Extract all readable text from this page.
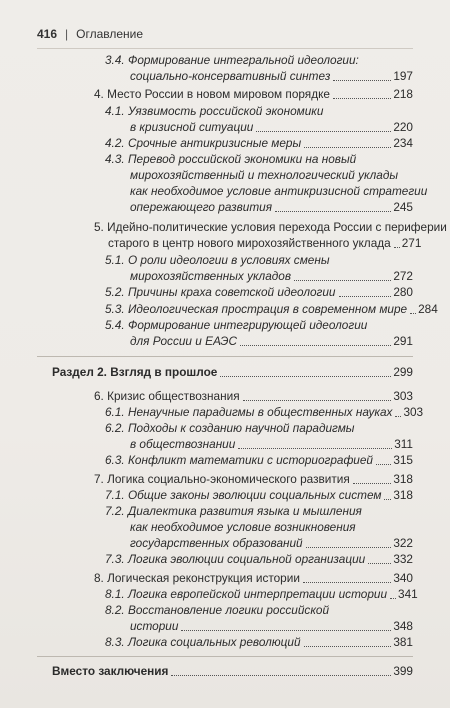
416 | Оглавление
3.4. Формирование интегральной идеологии:
социально-консервативный синтез	197
4. Место России в новом мировом порядке	218
4.1. Уязвимость российской экономики
в кризисной ситуации	220
4.2. Срочные антикризисные меры	234
4.3. Перевод российской экономики на новый
мирохозяйственный и технологический уклады
как необходимое условие антикризисной стратегии
опережающего развития	245
5. Идейно-политические условия перехода России с периферии
старого в центр нового мирохозяйственного уклада 271
5.1. О роли идеологии в условиях смены
мирохозяйственных укладов	272
5.2. Причины краха советской идеологии	280
5.3. Идеологическая прострация в современном мире 284
5.4. Формирование интегрирующей идеологии
для России и ЕАЭС	291
Раздел 2. Взгляд в прошлое	299
6. Кризис обществознания	303
6.1. Ненаучные парадигмы в общественных науках 303
6.2. Подходы к созданию научной парадигмы
в обществознании	311
6.3. Конфликт математики с историографией 315
7. Логика социально-экономического развития	318
7.1. Общие законы эволюции социальных систем 318
7.2. Диалектика развития языка и мышления
как необходимое условие возникновения
государственных образований	322
7.3. Логика эволюции социальной организации 332
8. Логическая реконструкция истории	340
8.1. Логика европейской интерпретации истории 341
8.2. Восстановление логики российской
истории	348
8.3. Логика социальных революций	381
Вместо заключения	399
